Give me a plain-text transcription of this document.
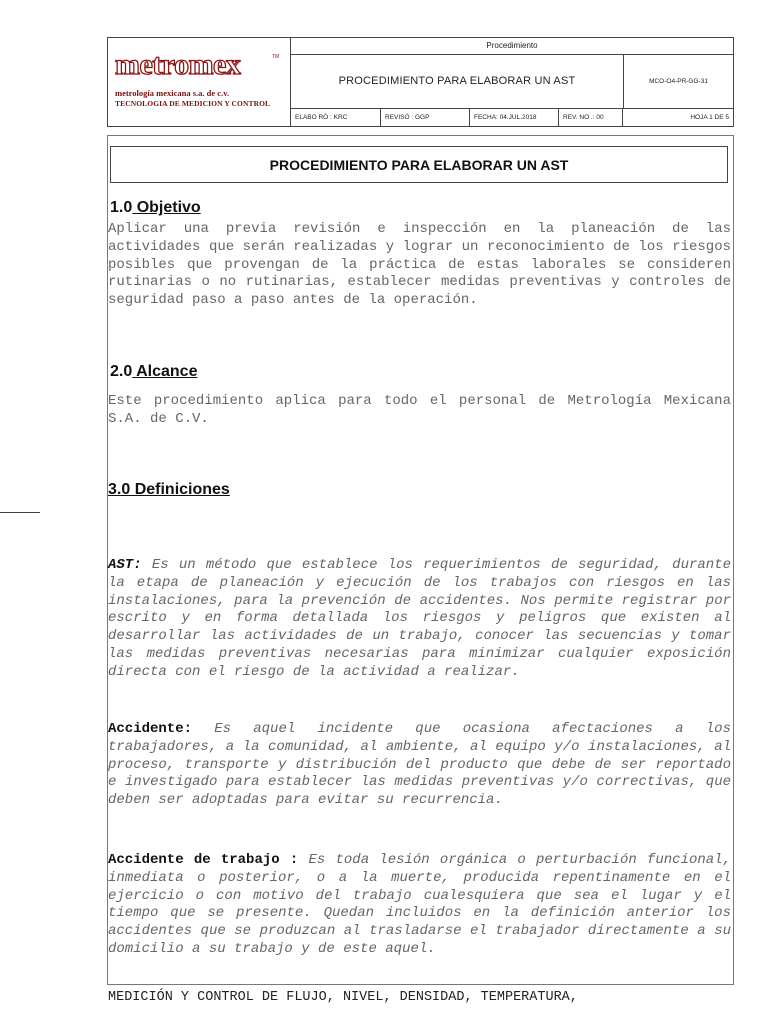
metromex	TM
metrología mexicana s.a. de c.v.
TECNOLOGIA DE MEDICION Y CONTROL
Procedimiento
PROCEDIMIENTO PARA ELABORAR UN AST	MCO-O4-PR-GG-31
ELABO RÓ : KRC	REVISÓ : GGP	FECHA: 04.JUL.2018	REV. NO .: 00	HOJA 1 DE 5
PROCEDIMIENTO PARA ELABORAR UN AST
1.0 Objetivo
Aplicar una previa revisión e inspección en la planeación de las actividades que serán realizadas y lograr un reconocimiento de los riesgos posibles que provengan de la práctica de estas laborales se consideren rutinarias o no rutinarias, establecer medidas preventivas y controles de seguridad paso a paso antes de la operación.
2.0 Alcance
Este procedimiento aplica para todo el personal de Metrología Mexicana S.A. de C.V.
3.0 Definiciones
AST: Es un método que establece los requerimientos de seguridad, durante la etapa de planeación y ejecución de los trabajos con riesgos en las instalaciones, para la prevención de accidentes. Nos permite registrar por escrito y en forma detallada los riesgos y peligros que existen al desarrollar las actividades de un trabajo, conocer las secuencias y tomar las medidas preventivas necesarias para minimizar cualquier exposición directa con el riesgo de la actividad a realizar.
Accidente: Es aquel incidente que ocasiona afectaciones a los trabajadores, a la comunidad, al ambiente, al equipo y/o instalaciones, al proceso, transporte y distribución del producto que debe de ser reportado e investigado para establecer las medidas preventivas y/o correctivas, que deben ser adoptadas para evitar su recurrencia.
Accidente de trabajo : Es toda lesión orgánica o perturbación funcional, inmediata o posterior, o a la muerte, producida repentinamente en el ejercicio o con motivo del trabajo cualesquiera que sea el lugar y el tiempo que se presente. Quedan incluidos en la definición anterior los accidentes que se produzcan al trasladarse el trabajador directamente a su domicilio a su trabajo y de este aquel.
MEDICIÓN Y CONTROL DE FLUJO, NIVEL, DENSIDAD, TEMPERATURA,
